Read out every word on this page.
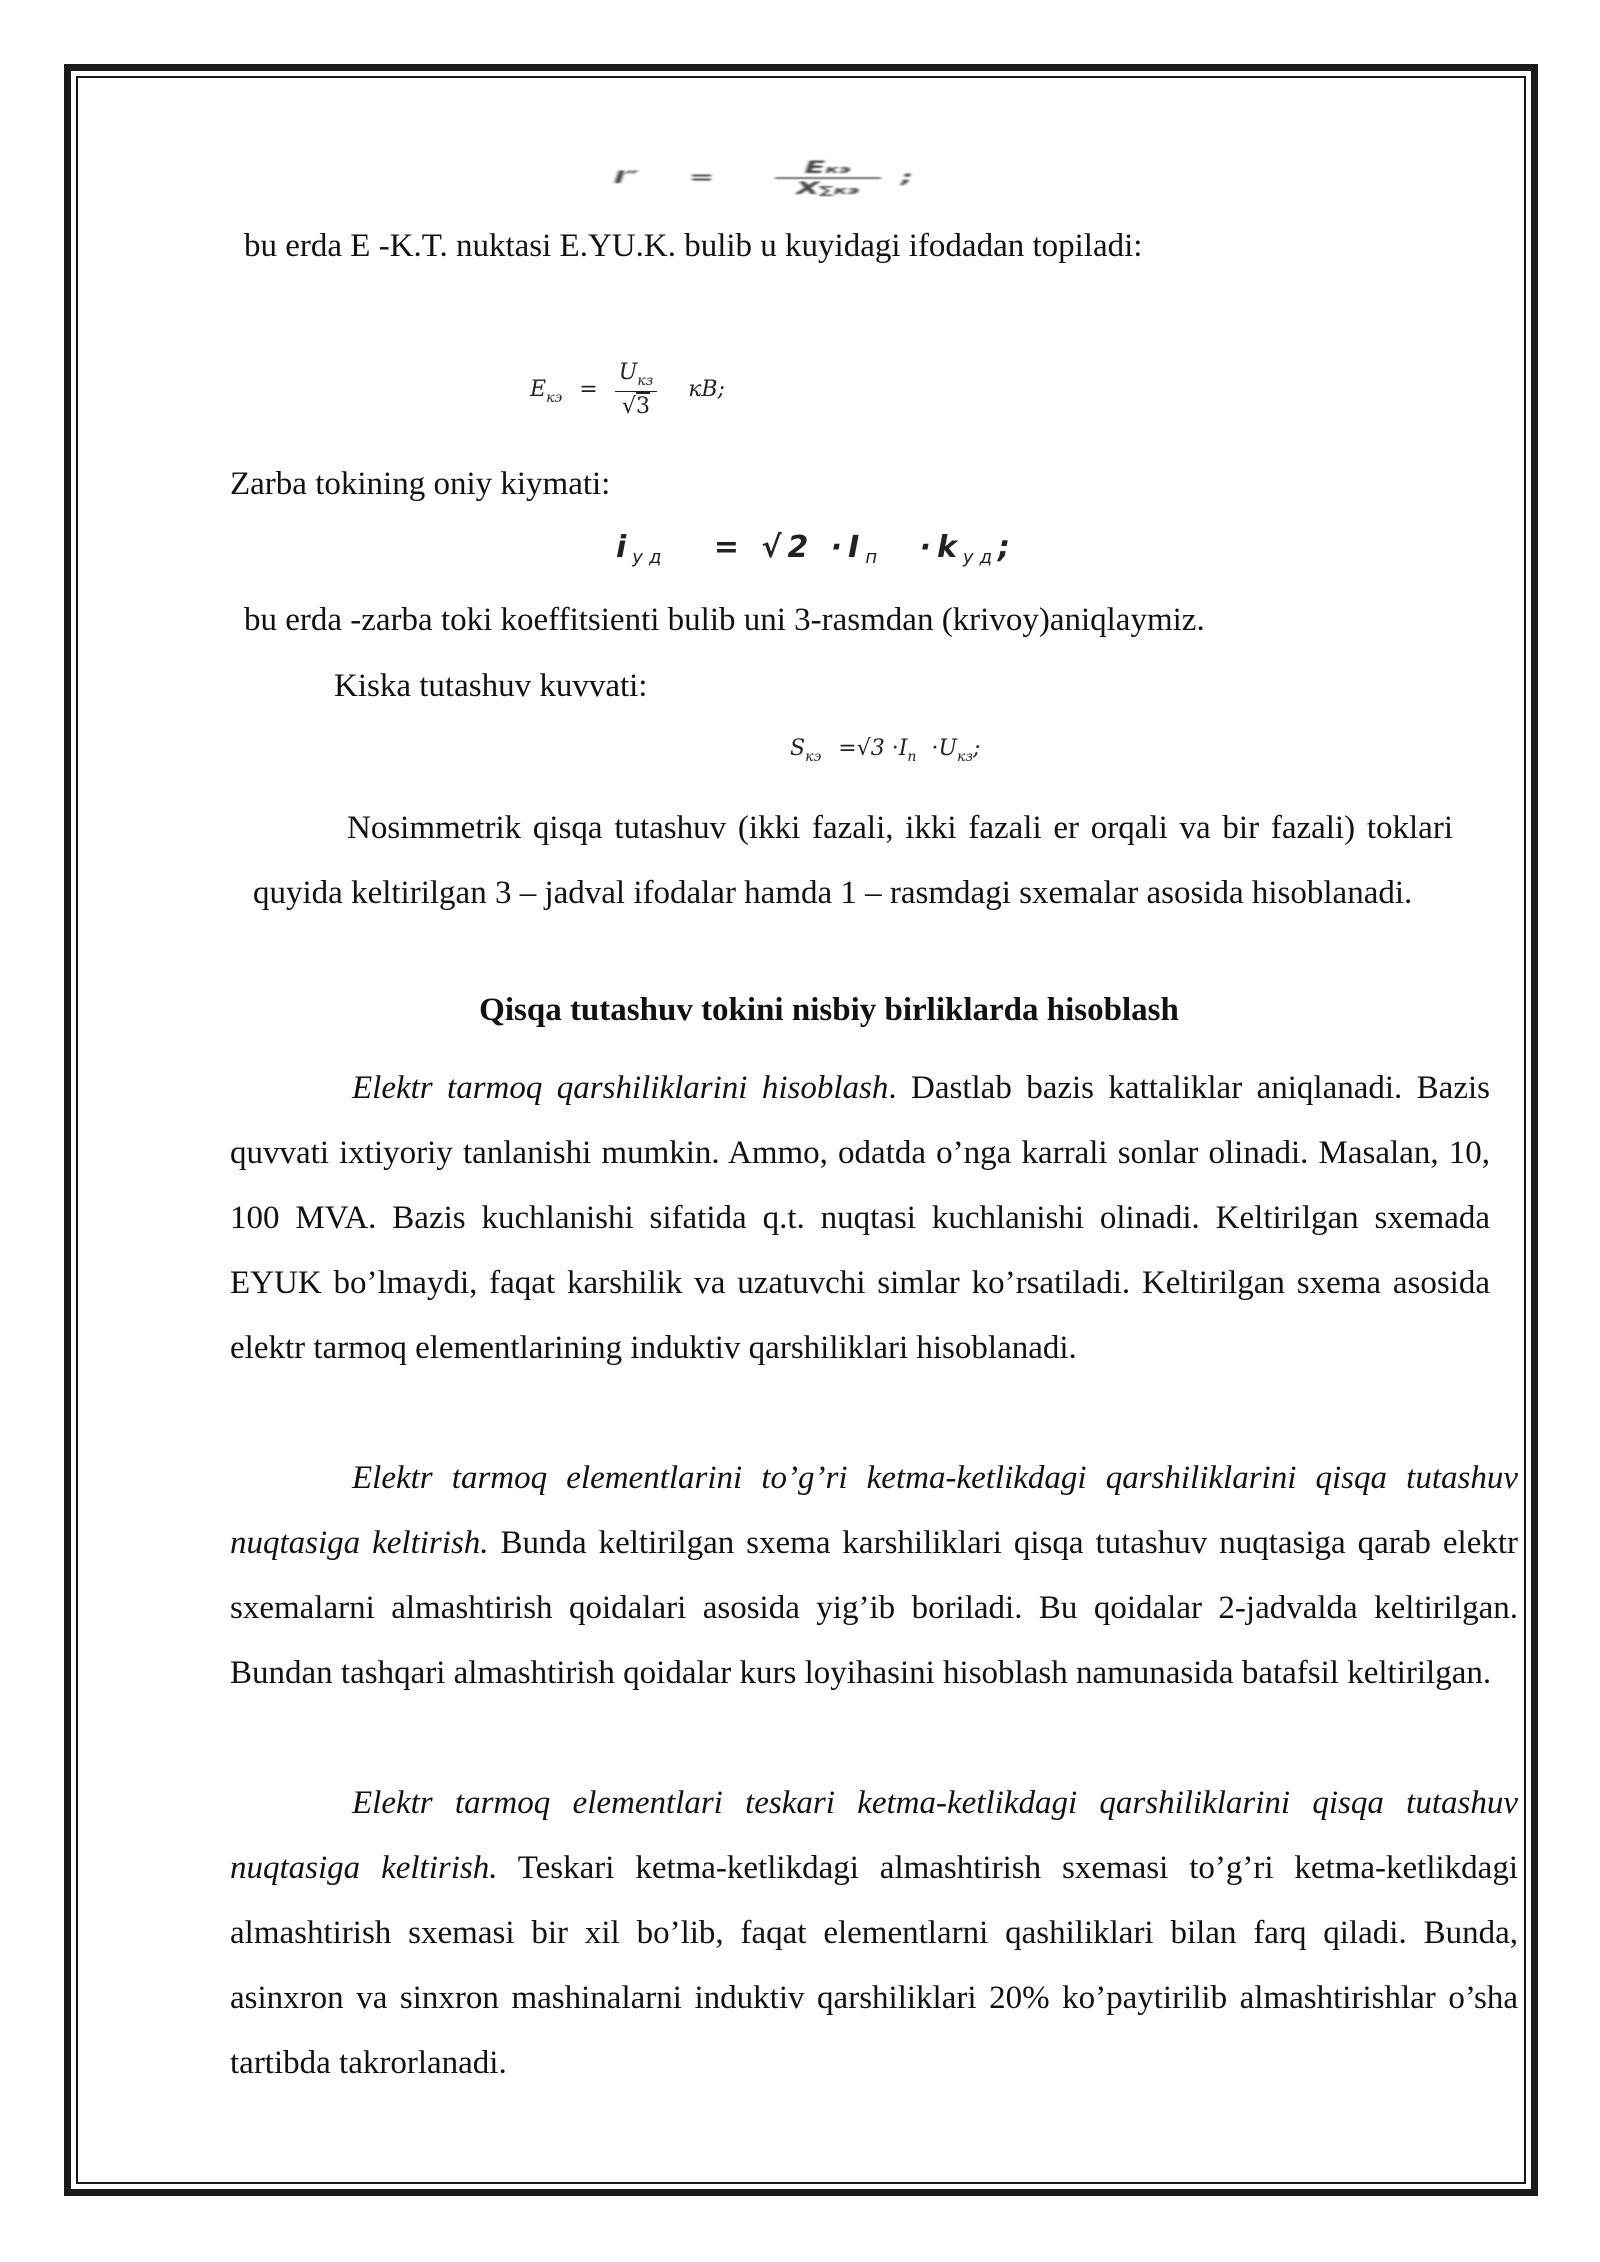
$I'' = \frac{\text{Eкэ}}{X\sum кэ}$ ;
bu erda E -K.T. nuktasi E.YU.K. bulib u kuyidagi ifodadan topiladi:
$E_{кэ} = \frac{U_{кз}}{√3}$ кВ;
Zarba tokining oniy kiymati:
$i_{уд} = √2 \cdot I_п \cdot k_{уд}$;
bu erda -zarba toki koeffitsienti bulib uni 3-rasmdan (krivoy)aniqlaymiz.
Kiska tutashuv kuvvati:
$S_{кэ} =√3 \cdot I_п \cdot U_{кз}$;
Nosimmetrik qisqa tutashuv (ikki fazali, ikki fazali er orqali va bir fazali) toklari quyida keltirilgan 3 – jadval ifodalar hamda 1 – rasmdagi sxemalar asosida hisoblanadi.
Qisqa tutashuv tokini nisbiy birliklarda hisoblash
Elektr tarmoq qarshiliklarini hisoblash. Dastlab bazis kattaliklar aniqlanadi. Bazis quvvati ixtiyoriy tanlanishi mumkin. Ammo, odatda o’nga karrali sonlar olinadi. Masalan, 10, 100 MVA. Bazis kuchlanishi sifatida q.t. nuqtasi kuchlanishi olinadi. Keltirilgan sxemada EYUK bo’lmaydi, faqat karshilik va uzatuvchi simlar ko’rsatiladi. Keltirilgan sxema asosida elektr tarmoq elementlarining induktiv qarshiliklari hisoblanadi.
Elektr tarmoq elementlarini to’g’ri ketma-ketlikdagi qarshiliklarini qisqa tutashuv nuqtasiga keltirish. Bunda keltirilgan sxema karshiliklari qisqa tutashuv nuqtasiga qarab elektr sxemalarni almashtirish qoidalari asosida yig’ib boriladi. Bu qoidalar 2-jadvalda keltirilgan. Bundan tashqari almashtirish qoidalar kurs loyihasini hisoblash namunasida batafsil keltirilgan.
Elektr tarmoq elementlari teskari ketma-ketlikdagi qarshiliklarini qisqa tutashuv nuqtasiga keltirish. Teskari ketma-ketlikdagi almashtirish sxemasi to’g’ri ketma-ketlikdagi almashtirish sxemasi bir xil bo’lib, faqat elementlarni qashiliklari bilan farq qiladi. Bunda, asinxron va sinxron mashinalarni induktiv qarshiliklari 20% ko’paytirilib almashtirishlar o’sha tartibda takrorlanadi.
